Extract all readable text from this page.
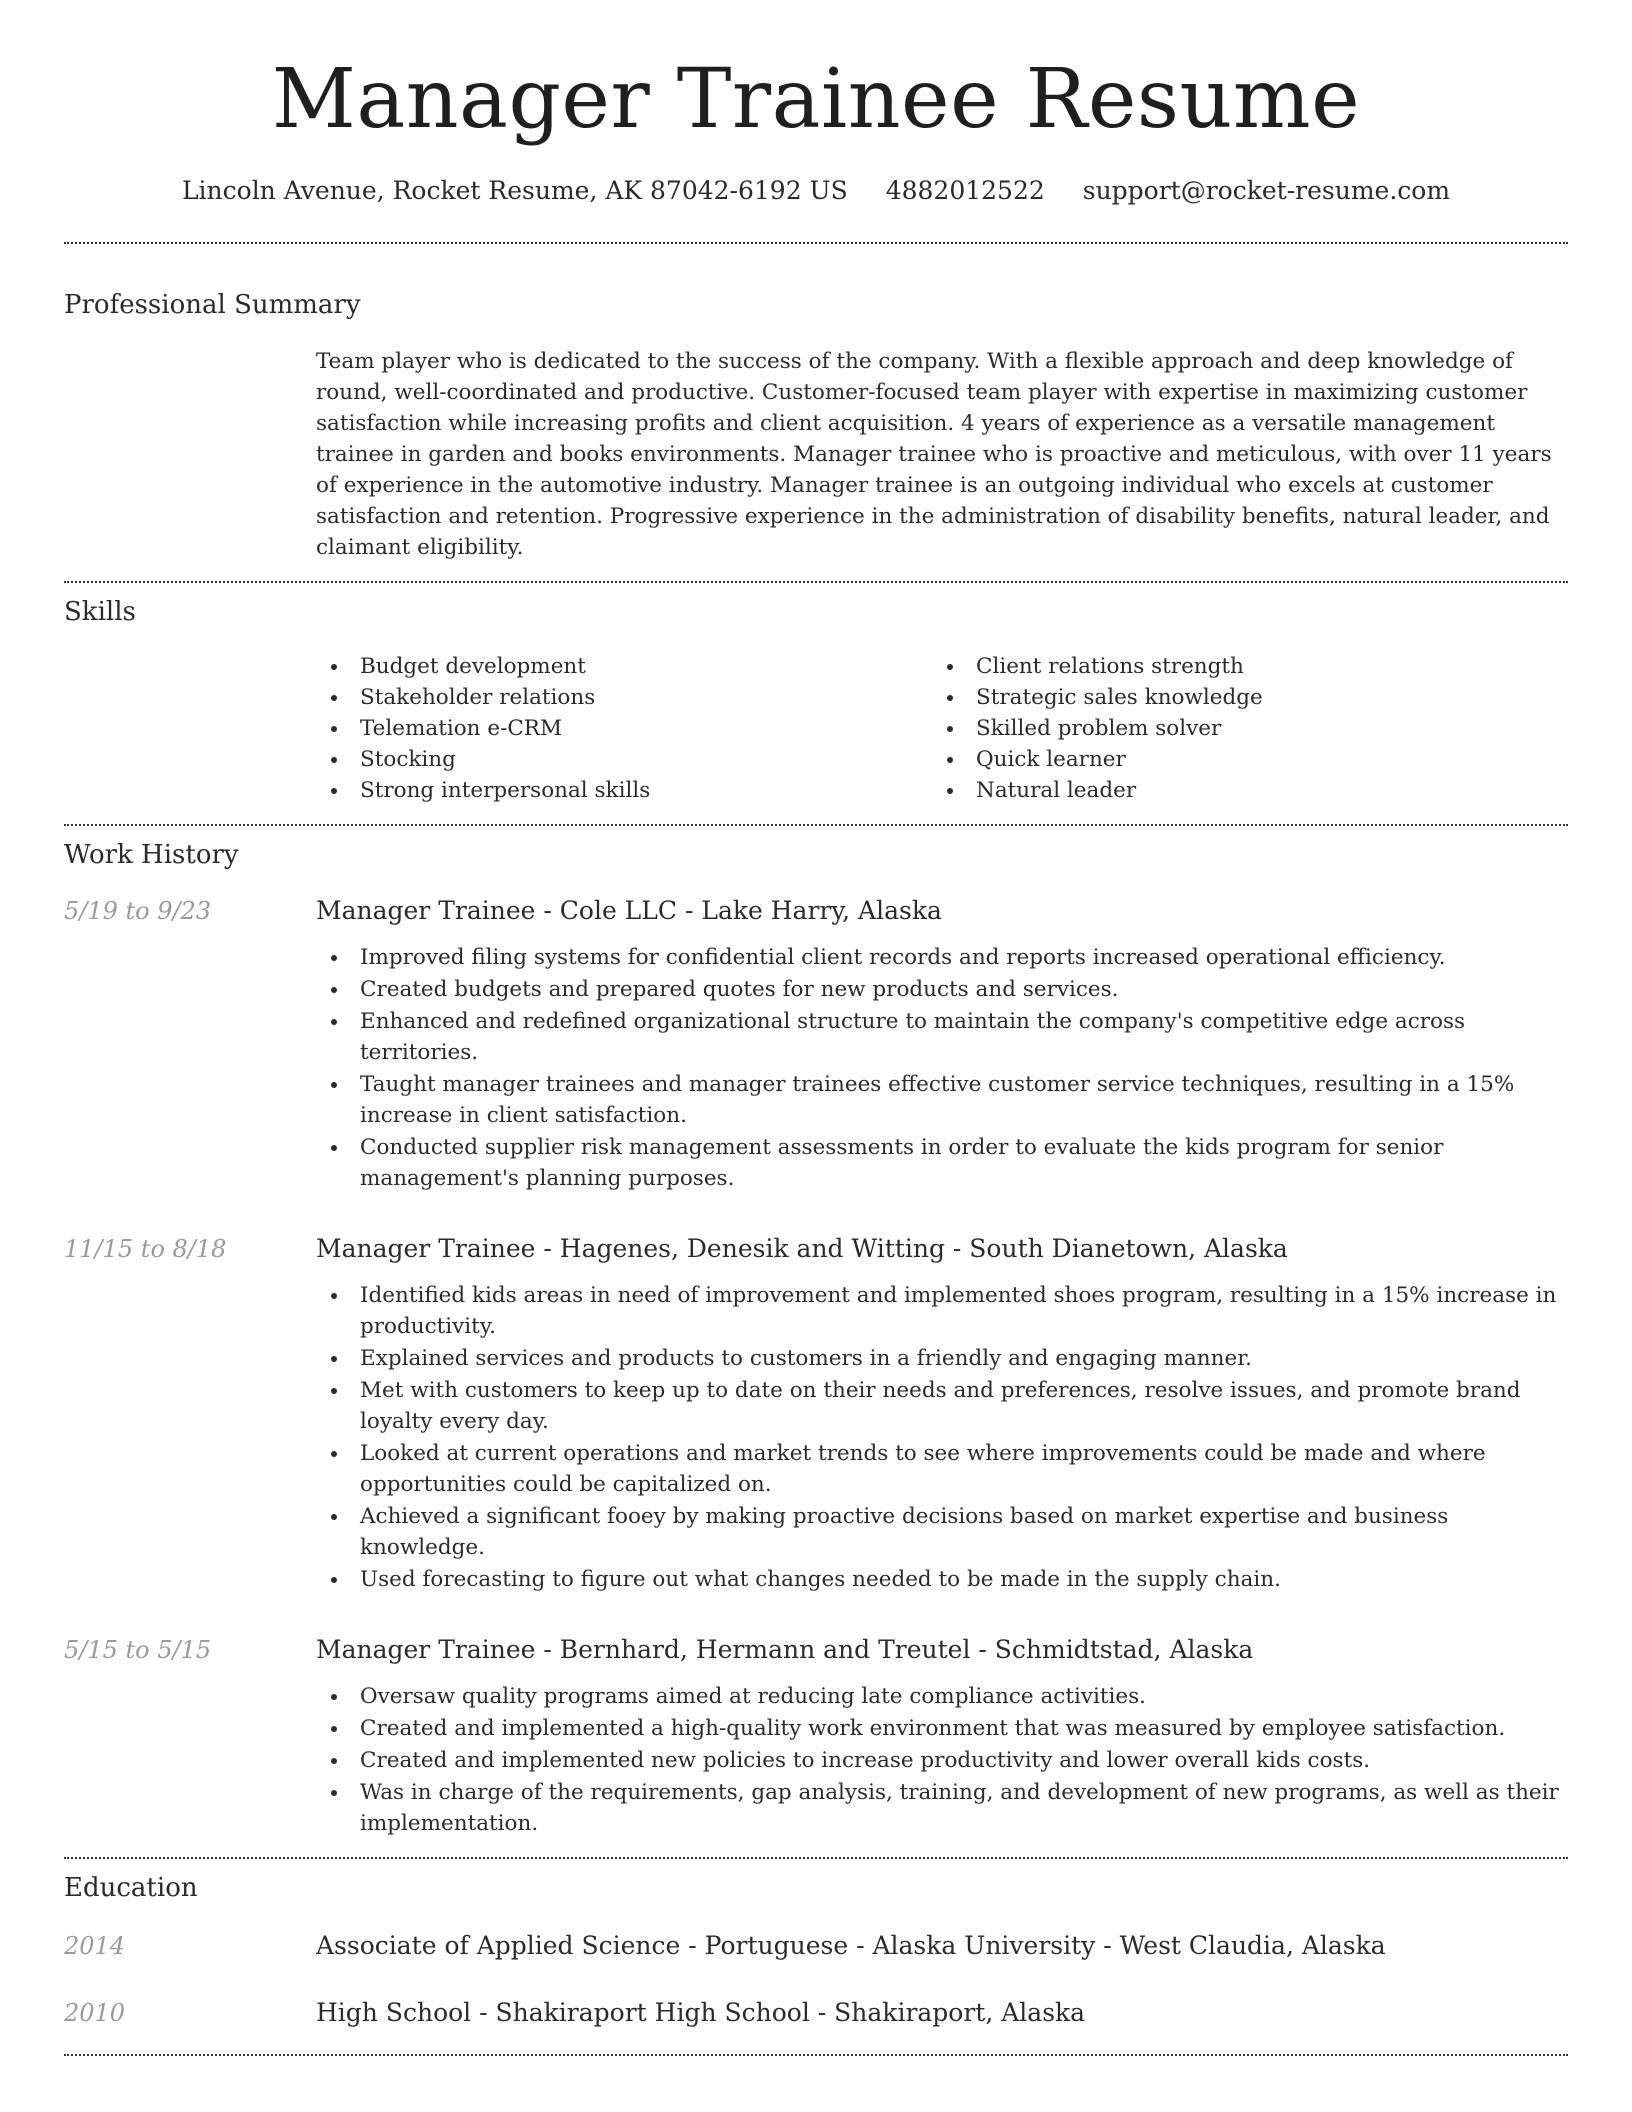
Manager Trainee Resume
Lincoln Avenue, Rocket Resume, AK 87042-6192 US 4882012522 support@rocket-resume.com
Professional Summary
Team player who is dedicated to the success of the company. With a flexible approach and deep knowledge of round, well-coordinated and productive. Customer-focused team player with expertise in maximizing customer satisfaction while increasing profits and client acquisition. 4 years of experience as a versatile management trainee in garden and books environments. Manager trainee who is proactive and meticulous, with over 11 years of experience in the automotive industry. Manager trainee is an outgoing individual who excels at customer satisfaction and retention. Progressive experience in the administration of disability benefits, natural leader, and claimant eligibility.
Skills
Budget development
Stakeholder relations
Telemation e-CRM
Stocking
Strong interpersonal skills
Client relations strength
Strategic sales knowledge
Skilled problem solver
Quick learner
Natural leader
Work History
5/19 to 9/23	Manager Trainee - Cole LLC - Lake Harry, Alaska
Improved filing systems for confidential client records and reports increased operational efficiency.
Created budgets and prepared quotes for new products and services.
Enhanced and redefined organizational structure to maintain the company's competitive edge across territories.
Taught manager trainees and manager trainees effective customer service techniques, resulting in a 15% increase in client satisfaction.
Conducted supplier risk management assessments in order to evaluate the kids program for senior management's planning purposes.
11/15 to 8/18	Manager Trainee - Hagenes, Denesik and Witting - South Dianetown, Alaska
Identified kids areas in need of improvement and implemented shoes program, resulting in a 15% increase in productivity.
Explained services and products to customers in a friendly and engaging manner.
Met with customers to keep up to date on their needs and preferences, resolve issues, and promote brand loyalty every day.
Looked at current operations and market trends to see where improvements could be made and where opportunities could be capitalized on.
Achieved a significant fooey by making proactive decisions based on market expertise and business knowledge.
Used forecasting to figure out what changes needed to be made in the supply chain.
5/15 to 5/15	Manager Trainee - Bernhard, Hermann and Treutel - Schmidtstad, Alaska
Oversaw quality programs aimed at reducing late compliance activities.
Created and implemented a high-quality work environment that was measured by employee satisfaction.
Created and implemented new policies to increase productivity and lower overall kids costs.
Was in charge of the requirements, gap analysis, training, and development of new programs, as well as their implementation.
Education
2014	Associate of Applied Science - Portuguese - Alaska University - West Claudia, Alaska
2010	High School - Shakiraport High School - Shakiraport, Alaska
